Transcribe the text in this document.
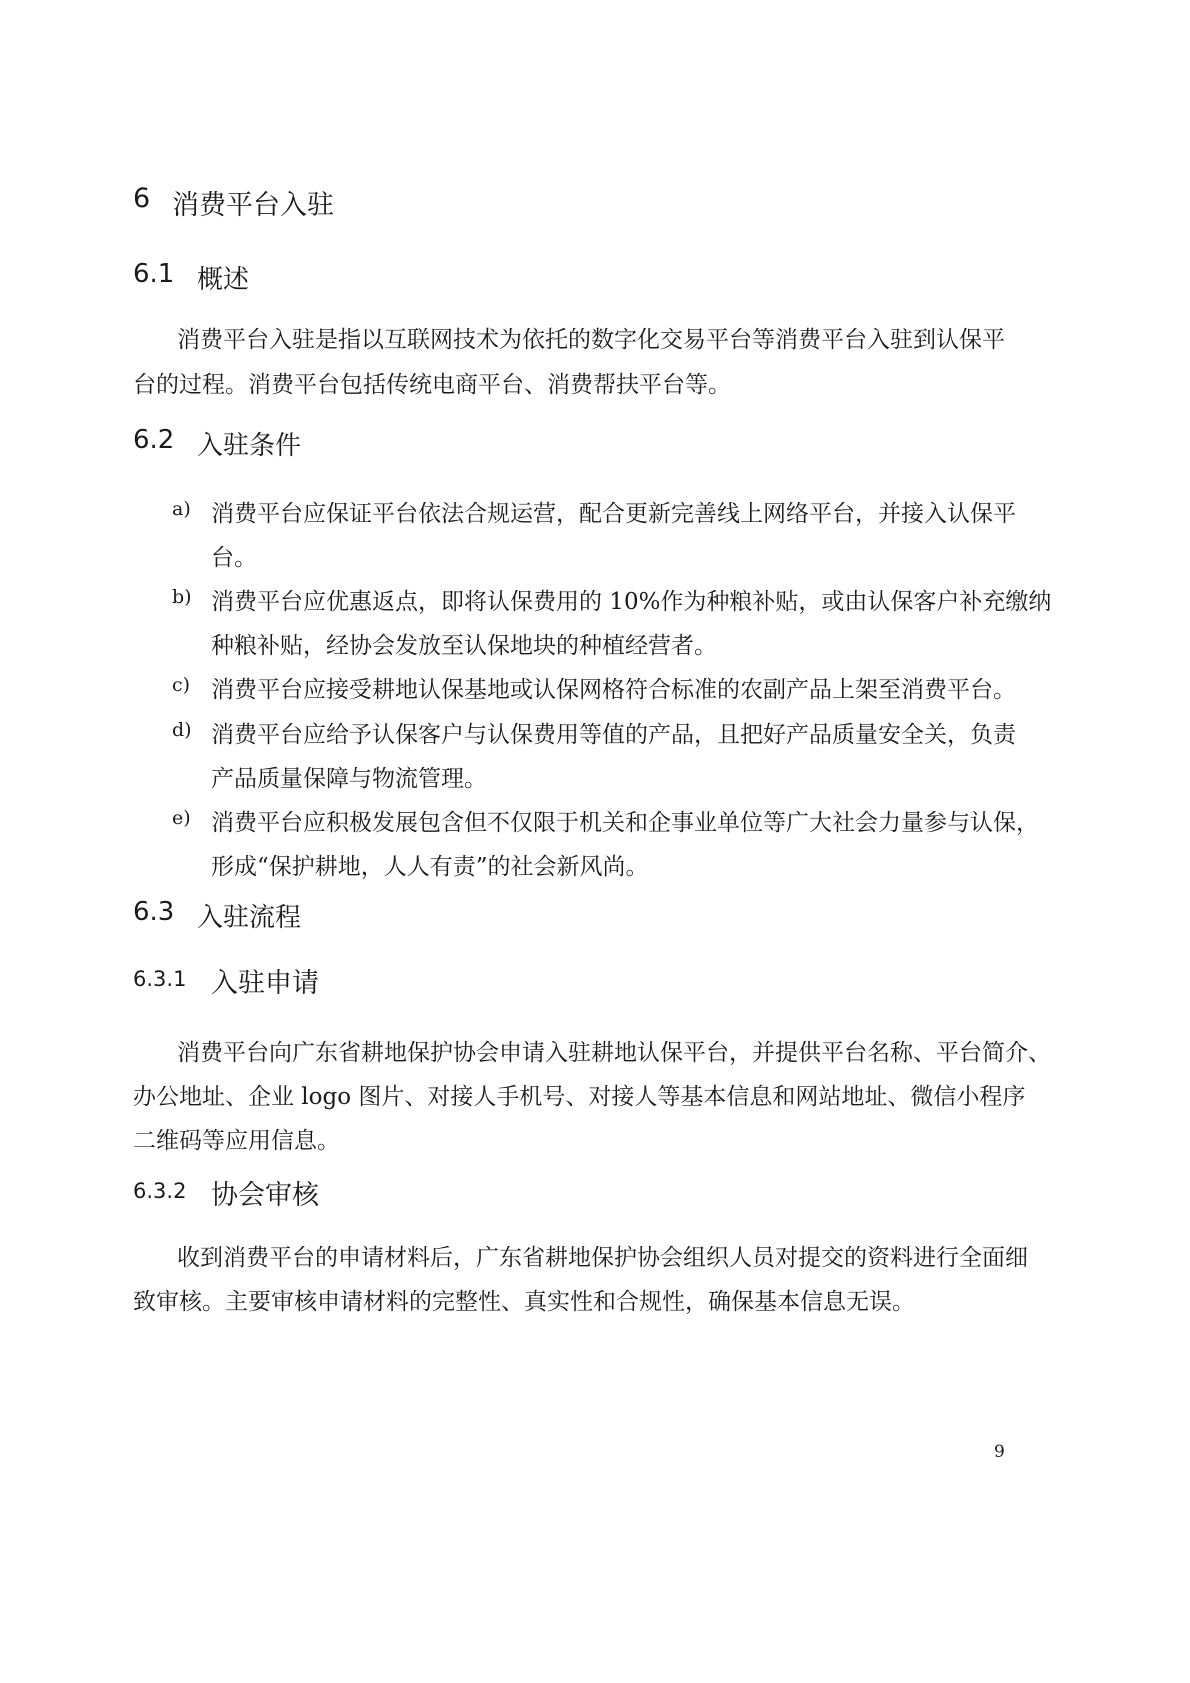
6 消费平台入驻
6.1 概述
消费平台入驻是指以互联网技术为依托的数字化交易平台等消费平台入驻到认保平
台的过程。消费平台包括传统电商平台、消费帮扶平台等。
6.2 入驻条件
a) 消费平台应保证平台依法合规运营，配合更新完善线上网络平台，并接入认保平
台。
b) 消费平台应优惠返点，即将认保费用的 10%作为种粮补贴，或由认保客户补充缴纳
种粮补贴，经协会发放至认保地块的种植经营者。
c) 消费平台应接受耕地认保基地或认保网格符合标准的农副产品上架至消费平台。
d) 消费平台应给予认保客户与认保费用等值的产品，且把好产品质量安全关，负责
产品质量保障与物流管理。
e) 消费平台应积极发展包含但不仅限于机关和企事业单位等广大社会力量参与认保，
形成“保护耕地，人人有责”的社会新风尚。
6.3 入驻流程
6.3.1 入驻申请
消费平台向广东省耕地保护协会申请入驻耕地认保平台，并提供平台名称、平台简介、
办公地址、企业 logo 图片、对接人手机号、对接人等基本信息和网站地址、微信小程序
二维码等应用信息。
6.3.2 协会审核
收到消费平台的申请材料后，广东省耕地保护协会组织人员对提交的资料进行全面细
致审核。主要审核申请材料的完整性、真实性和合规性，确保基本信息无误。
9
